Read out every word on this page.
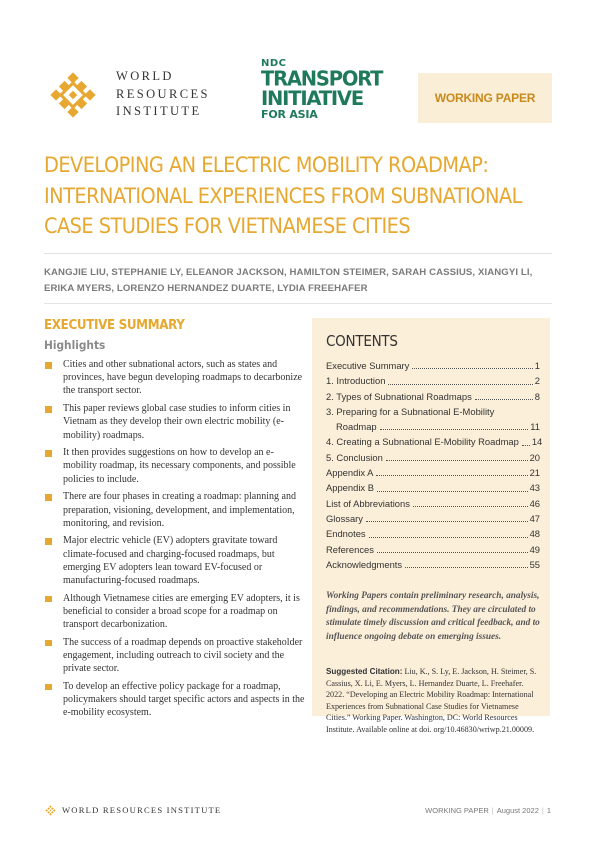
WORLD
RESOURCES
INSTITUTE
NDC
TRANSPORT
INITIATIVE
FOR ASIA
WORKING PAPER
DEVELOPING AN ELECTRIC MOBILITY ROADMAP:
INTERNATIONAL EXPERIENCES FROM SUBNATIONAL
CASE STUDIES FOR VIETNAMESE CITIES
KANGJIE LIU, STEPHANIE LY, ELEANOR JACKSON, HAMILTON STEIMER, SARAH CASSIUS, XIANGYI LI, ERIKA MYERS, LORENZO HERNANDEZ DUARTE, LYDIA FREEHAFER
EXECUTIVE SUMMARY
Highlights
Cities and other subnational actors, such as states and provinces, have begun developing roadmaps to decarbonize the transport sector.
This paper reviews global case studies to inform cities in Vietnam as they develop their own electric mobility (e-mobility) roadmaps.
It then provides suggestions on how to develop an e-mobility roadmap, its necessary components, and possible policies to include.
There are four phases in creating a roadmap: planning and preparation, visioning, development, and implementation, monitoring, and revision.
Major electric vehicle (EV) adopters gravitate toward climate-focused and charging-focused roadmaps, but emerging EV adopters lean toward EV-focused or manufacturing-focused roadmaps.
Although Vietnamese cities are emerging EV adopters, it is beneficial to consider a broad scope for a roadmap on transport decarbonization.
The success of a roadmap depends on proactive stakeholder engagement, including outreach to civil society and the private sector.
To develop an effective policy package for a roadmap, policymakers should target specific actors and aspects in the e-mobility ecosystem.
CONTENTS
Executive Summary	1
1. Introduction	2
2. Types of Subnational Roadmaps	8
3. Preparing for a Subnational E-Mobility
Roadmap	11
4. Creating a Subnational E-Mobility Roadmap 14
5. Conclusion	20
Appendix A	21
Appendix B	43
List of Abbreviations	46
Glossary	47
Endnotes	48
References	49
Acknowledgments	55
Working Papers contain preliminary research, analysis, findings, and recommendations. They are circulated to stimulate timely discussion and critical feedback, and to influence ongoing debate on emerging issues.
Suggested Citation: Liu, K., S. Ly, E. Jackson, H. Steimer, S. Cassius, X. Li, E. Myers, L. Hernandez Duarte, L. Freehafer. 2022. “Developing an Electric Mobility Roadmap: International Experiences from Subnational Case Studies for Vietnamese Cities.” Working Paper. Washington, DC: World Resources Institute. Available online at doi. org/10.46830/wriwp.21.00009.
WORLD RESOURCES INSTITUTE	WORKING PAPER | August 2022 | 1
